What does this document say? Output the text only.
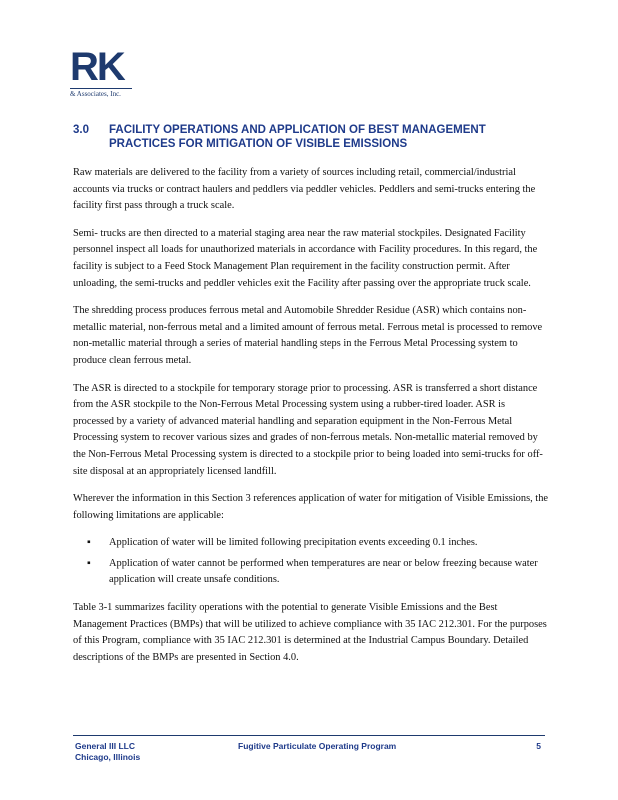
RK
& Associates, Inc.
3.0 FACILITY OPERATIONS AND APPLICATION OF BEST MANAGEMENT PRACTICES FOR MITIGATION OF VISIBLE EMISSIONS

Raw materials are delivered to the facility from a variety of sources including retail, commercial/industrial accounts via trucks or contract haulers and peddlers via peddler vehicles. Peddlers and semi-trucks entering the facility first pass through a truck scale.

Semi- trucks are then directed to a material staging area near the raw material stockpiles. Designated Facility personnel inspect all loads for unauthorized materials in accordance with Facility procedures. In this regard, the facility is subject to a Feed Stock Management Plan requirement in the facility construction permit. After unloading, the semi-trucks and peddler vehicles exit the Facility after passing over the appropriate truck scale.

The shredding process produces ferrous metal and Automobile Shredder Residue (ASR) which contains non-metallic material, non-ferrous metal and a limited amount of ferrous metal. Ferrous metal is processed to remove non-metallic material through a series of material handling steps in the Ferrous Metal Processing system to produce clean ferrous metal.

The ASR is directed to a stockpile for temporary storage prior to processing. ASR is transferred a short distance from the ASR stockpile to the Non-Ferrous Metal Processing system using a rubber-tired loader. ASR is processed by a variety of advanced material handling and separation equipment in the Non-Ferrous Metal Processing system to recover various sizes and grades of non-ferrous metals. Non-metallic material removed by the Non-Ferrous Metal Processing system is directed to a stockpile prior to being loaded into semi-trucks for off-site disposal at an appropriately licensed landfill.

Wherever the information in this Section 3 references application of water for mitigation of Visible Emissions, the following limitations are applicable:

▪ Application of water will be limited following precipitation events exceeding 0.1 inches.
▪ Application of water cannot be performed when temperatures are near or below freezing because water application will create unsafe conditions.

Table 3-1 summarizes facility operations with the potential to generate Visible Emissions and the Best Management Practices (BMPs) that will be utilized to achieve compliance with 35 IAC 212.301. For the purposes of this Program, compliance with 35 IAC 212.301 is determined at the Industrial Campus Boundary. Detailed descriptions of the BMPs are presented in Section 4.0.

General III LLC
Chicago, Illinois
Fugitive Particulate Operating Program	5
